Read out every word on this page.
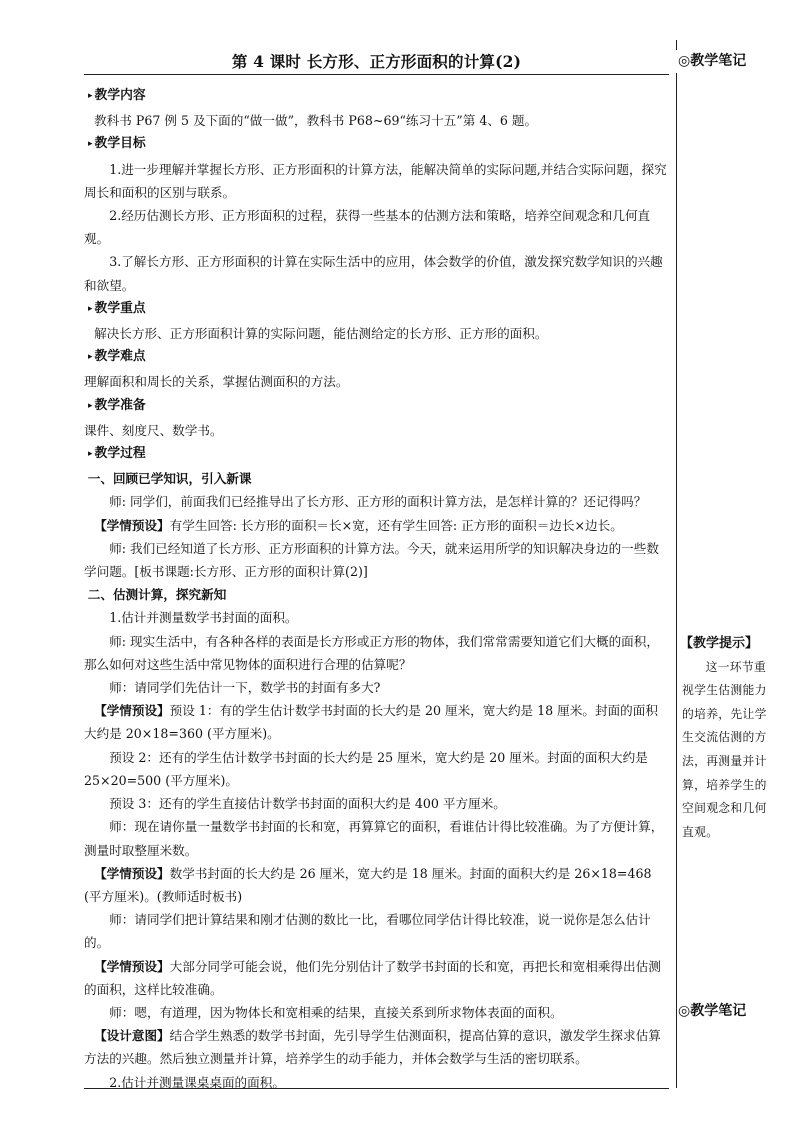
第 4 课时 长方形、正方形面积的计算(2)	◎教学笔记
【教学提示】
这一环节重视学生估测能力的培养，先让学生交流估测的方法，再测量并计算，培养学生的空间观念和几何直观。
◎教学笔记

▸ 教学内容

教科书 P67 例 5 及下面的“做一做”，教科书 P68~69“练习十五”第 4、6 题。

▸ 教学目标

1.进一步理解并掌握长方形、正方形面积的计算方法，能解决简单的实际问题,并结合实际问题，探究周长和面积的区别与联系。

2.经历估测长方形、正方形面积的过程，获得一些基本的估测方法和策略，培养空间观念和几何直观。

3.了解长方形、正方形面积的计算在实际生活中的应用，体会数学的价值，激发探究数学知识的兴趣和欲望。

▸ 教学重点

解决长方形、正方形面积计算的实际问题，能估测给定的长方形、正方形的面积。

▸ 教学难点

理解面积和周长的关系，掌握估测面积的方法。

▸ 教学准备

课件、刻度尺、数学书。

▸ 教学过程

一、回顾已学知识，引入新课

师: 同学们，前面我们已经推导出了长方形、正方形的面积计算方法，是怎样计算的？还记得吗？

【学情预设】有学生回答: 长方形的面积＝长×宽，还有学生回答: 正方形的面积＝边长×边长。

师: 我们已经知道了长方形、正方形面积的计算方法。今天，就来运用所学的知识解决身边的一些数学问题。[板书课题:长方形、正方形的面积计算(2)]

二、估测计算，探究新知

1.估计并测量数学书封面的面积。

师: 现实生活中，有各种各样的表面是长方形或正方形的物体，我们常常需要知道它们大概的面积，那么如何对这些生活中常见物体的面积进行合理的估算呢？

师：请同学们先估计一下，数学书的封面有多大?

【学情预设】预设 1：有的学生估计数学书封面的长大约是 20 厘米，宽大约是 18 厘米。封面的面积大约是 20×18=360 (平方厘米)。

预设 2：还有的学生估计数学书封面的长大约是 25 厘米，宽大约是 20 厘米。封面的面积大约是 25×20=500 (平方厘米)。

预设 3：还有的学生直接估计数学书封面的面积大约是 400 平方厘米。

师：现在请你量一量数学书封面的长和宽，再算算它的面积，看谁估计得比较准确。为了方便计算，测量时取整厘米数。

【学情预设】数学书封面的长大约是 26 厘米，宽大约是 18 厘米。封面的面积大约是 26×18=468 (平方厘米)。(教师适时板书)

师：请同学们把计算结果和刚才估测的数比一比，看哪位同学估计得比较准，说一说你是怎么估计的。

【学情预设】大部分同学可能会说，他们先分别估计了数学书封面的长和宽，再把长和宽相乘得出估测的面积，这样比较准确。

师：嗯，有道理，因为物体长和宽相乘的结果，直接关系到所求物体表面的面积。

【设计意图】结合学生熟悉的数学书封面，先引导学生估测面积，提高估算的意识，激发学生探求估算方法的兴趣。然后独立测量并计算，培养学生的动手能力，并体会数学与生活的密切联系。

2.估计并测量课桌桌面的面积。
